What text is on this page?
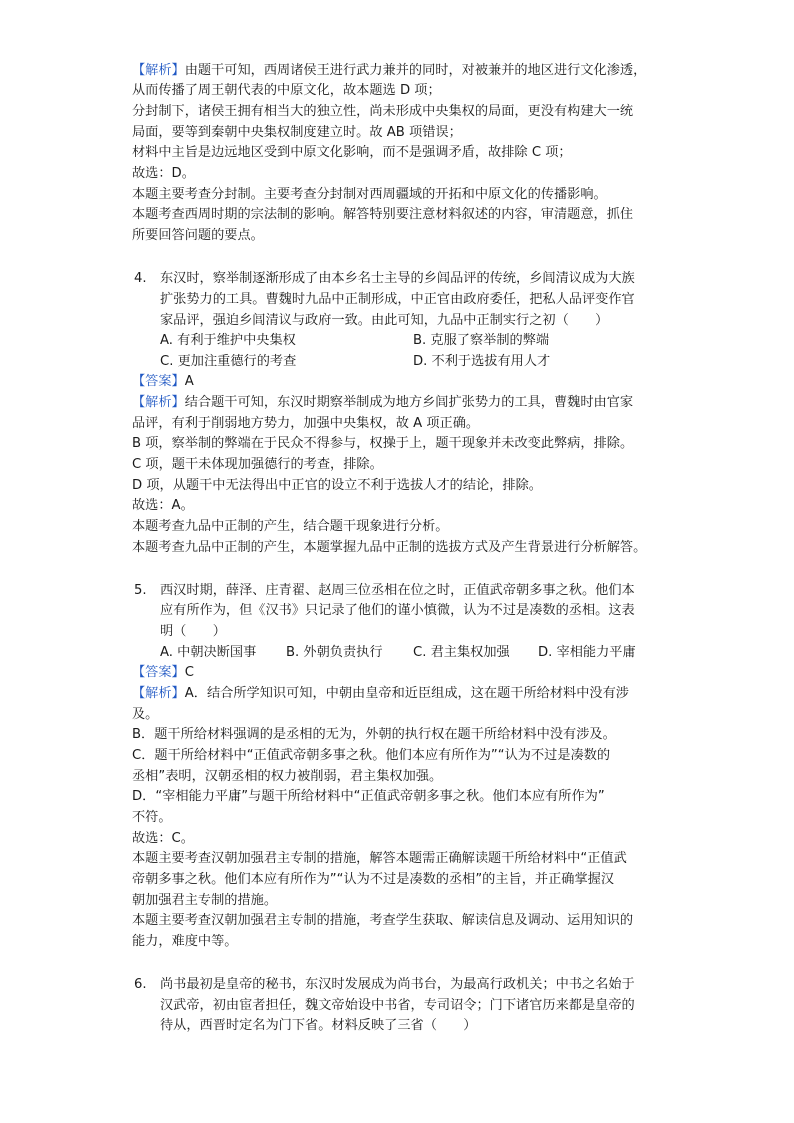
【解析】由题干可知，西周诸侯王进行武力兼并的同时，对被兼并的地区进行文化渗透，
从而传播了周王朝代表的中原文化，故本题选 D 项；
分封制下，诸侯王拥有相当大的独立性，尚未形成中央集权的局面，更没有构建大一统
局面，要等到秦朝中央集权制度建立时。故 AB 项错误；
材料中主旨是边远地区受到中原文化影响，而不是强调矛盾，故排除 C 项；
故选：D。
本题主要考查分封制。主要考查分封制对西周疆域的开拓和中原文化的传播影响。
本题考查西周时期的宗法制的影响。解答特别要注意材料叙述的内容，审清题意，抓住
所要回答问题的要点。
4. 东汉时，察举制逐渐形成了由本乡名士主导的乡闾品评的传统，乡闾清议成为大族
扩张势力的工具。曹魏时九品中正制形成，中正官由政府委任，把私人品评变作官
家品评，强迫乡闾清议与政府一致。由此可知，九品中正制实行之初（　　）
A. 有利于维护中央集权	B. 克服了察举制的弊端
C. 更加注重德行的考查	D. 不利于选拔有用人才
【答案】A
【解析】结合题干可知，东汉时期察举制成为地方乡闾扩张势力的工具，曹魏时由官家
品评，有利于削弱地方势力，加强中央集权，故 A 项正确。
B 项，察举制的弊端在于民众不得参与，权操于上，题干现象并未改变此弊病，排除。
C 项，题干未体现加强德行的考查，排除。
D 项，从题干中无法得出中正官的设立不利于选拔人才的结论，排除。
故选：A。
本题考查九品中正制的产生，结合题干现象进行分析。
本题考查九品中正制的产生，本题掌握九品中正制的选拔方式及产生背景进行分析解答。
5. 西汉时期，薛泽、庄青翟、赵周三位丞相在位之时，正值武帝朝多事之秋。他们本
应有所作为，但《汉书》只记录了他们的谨小慎微，认为不过是凑数的丞相。这表
明（　　）
A. 中朝决断国事 B. 外朝负责执行 C. 君主集权加强 D. 宰相能力平庸
【答案】C
【解析】A．结合所学知识可知，中朝由皇帝和近臣组成，这在题干所给材料中没有涉
及。
B．题干所给材料强调的是丞相的无为，外朝的执行权在题干所给材料中没有涉及。
C．题干所给材料中“正值武帝朝多事之秋。他们本应有所作为”“认为不过是凑数的
丞相”表明，汉朝丞相的权力被削弱，君主集权加强。
D．“宰相能力平庸”与题干所给材料中“正值武帝朝多事之秋。他们本应有所作为”
不符。
故选：C。
本题主要考查汉朝加强君主专制的措施，解答本题需正确解读题干所给材料中“正值武
帝朝多事之秋。他们本应有所作为”“认为不过是凑数的丞相”的主旨，并正确掌握汉
朝加强君主专制的措施。
本题主要考查汉朝加强君主专制的措施，考查学生获取、解读信息及调动、运用知识的
能力，难度中等。
6. 尚书最初是皇帝的秘书，东汉时发展成为尚书台，为最高行政机关；中书之名始于
汉武帝，初由宦者担任，魏文帝始设中书省，专司诏令；门下诸官历来都是皇帝的
待从，西晋时定名为门下省。材料反映了三省（　　）
